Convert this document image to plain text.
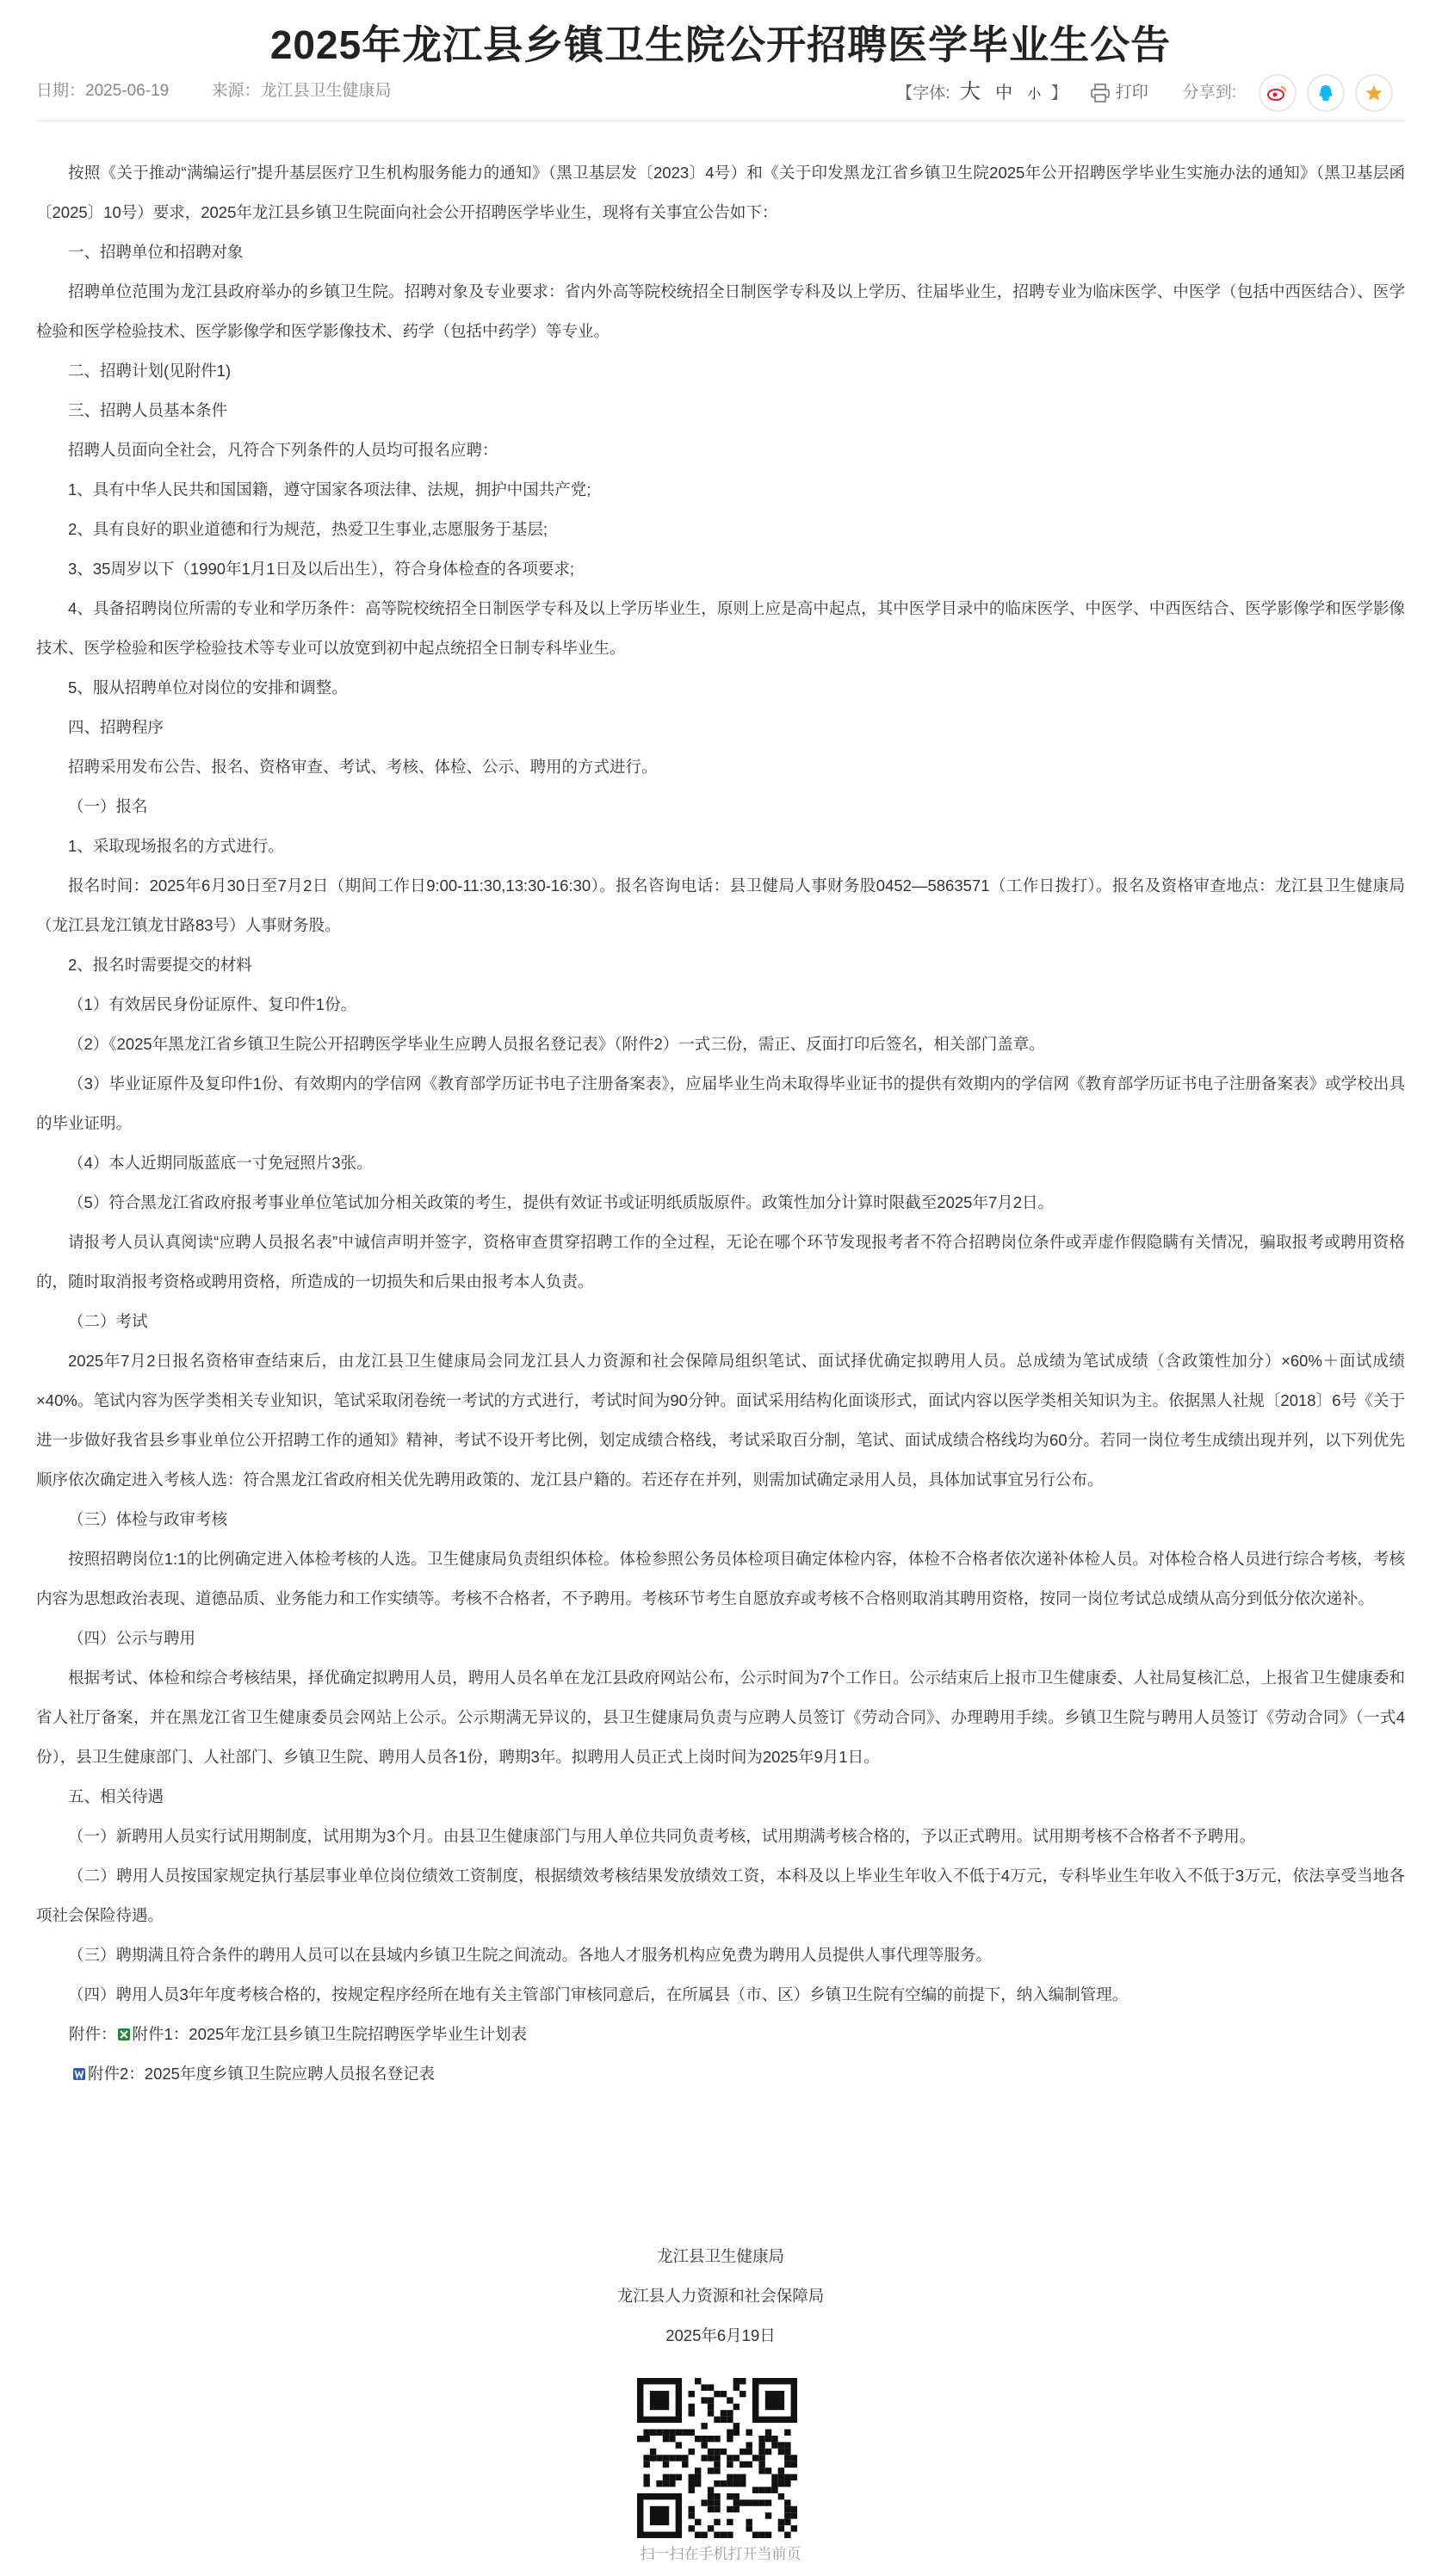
2025年龙江县乡镇卫生院公开招聘医学毕业生公告
日期：2025-06-19	来源：龙江县卫生健康局	【字体: 大 中 小 】	打印 分享到:

按照《关于推动“满编运行”提升基层医疗卫生机构服务能力的通知》（黑卫基层发〔2023〕4号）和《关于印发黑龙江省乡镇卫生院2025年公开招聘医学毕业生实施办法的通知》（黑卫基层函〔2025〕10号）要求，2025年龙江县乡镇卫生院面向社会公开招聘医学毕业生，现将有关事宜公告如下：

一、招聘单位和招聘对象

招聘单位范围为龙江县政府举办的乡镇卫生院。招聘对象及专业要求：省内外高等院校统招全日制医学专科及以上学历、往届毕业生，招聘专业为临床医学、中医学（包括中西医结合）、医学检验和医学检验技术、医学影像学和医学影像技术、药学（包括中药学）等专业。

二、招聘计划(见附件1)

三、招聘人员基本条件

招聘人员面向全社会，凡符合下列条件的人员均可报名应聘：

1、具有中华人民共和国国籍，遵守国家各项法律、法规，拥护中国共产党;

2、具有良好的职业道德和行为规范，热爱卫生事业,志愿服务于基层;

3、35周岁以下（1990年1月1日及以后出生），符合身体检查的各项要求;

4、具备招聘岗位所需的专业和学历条件：高等院校统招全日制医学专科及以上学历毕业生，原则上应是高中起点，其中医学目录中的临床医学、中医学、中西医结合、医学影像学和医学影像技术、医学检验和医学检验技术等专业可以放宽到初中起点统招全日制专科毕业生。

5、服从招聘单位对岗位的安排和调整。

四、招聘程序

招聘采用发布公告、报名、资格审查、考试、考核、体检、公示、聘用的方式进行。

（一）报名

1、采取现场报名的方式进行。

报名时间：2025年6月30日至7月2日（期间工作日9:00-11:30,13:30-16:30）。报名咨询电话：县卫健局人事财务股0452—5863571（工作日拨打）。报名及资格审查地点：龙江县卫生健康局（龙江县龙江镇龙甘路83号）人事财务股。

2、报名时需要提交的材料

（1）有效居民身份证原件、复印件1份。

（2）《2025年黑龙江省乡镇卫生院公开招聘医学毕业生应聘人员报名登记表》（附件2）一式三份，需正、反面打印后签名，相关部门盖章。

（3）毕业证原件及复印件1份、有效期内的学信网《教育部学历证书电子注册备案表》，应届毕业生尚未取得毕业证书的提供有效期内的学信网《教育部学历证书电子注册备案表》或学校出具的毕业证明。

（4）本人近期同版蓝底一寸免冠照片3张。

（5）符合黑龙江省政府报考事业单位笔试加分相关政策的考生，提供有效证书或证明纸质版原件。政策性加分计算时限截至2025年7月2日。

请报考人员认真阅读“应聘人员报名表”中诚信声明并签字，资格审查贯穿招聘工作的全过程，无论在哪个环节发现报考者不符合招聘岗位条件或弄虚作假隐瞒有关情况，骗取报考或聘用资格的，随时取消报考资格或聘用资格，所造成的一切损失和后果由报考本人负责。

（二）考试

2025年7月2日报名资格审查结束后，由龙江县卫生健康局会同龙江县人力资源和社会保障局组织笔试、面试择优确定拟聘用人员。总成绩为笔试成绩（含政策性加分）×60%＋面试成绩×40%。笔试内容为医学类相关专业知识，笔试采取闭卷统一考试的方式进行，考试时间为90分钟。面试采用结构化面谈形式，面试内容以医学类相关知识为主。依据黑人社规〔2018〕6号《关于进一步做好我省县乡事业单位公开招聘工作的通知》精神，考试不设开考比例，划定成绩合格线，考试采取百分制，笔试、面试成绩合格线均为60分。若同一岗位考生成绩出现并列，以下列优先顺序依次确定进入考核人选：符合黑龙江省政府相关优先聘用政策的、龙江县户籍的。若还存在并列，则需加试确定录用人员，具体加试事宜另行公布。

（三）体检与政审考核

按照招聘岗位1:1的比例确定进入体检考核的人选。卫生健康局负责组织体检。体检参照公务员体检项目确定体检内容，体检不合格者依次递补体检人员。对体检合格人员进行综合考核，考核内容为思想政治表现、道德品质、业务能力和工作实绩等。考核不合格者，不予聘用。考核环节考生自愿放弃或考核不合格则取消其聘用资格，按同一岗位考试总成绩从高分到低分依次递补。

（四）公示与聘用

根据考试、体检和综合考核结果，择优确定拟聘用人员，聘用人员名单在龙江县政府网站公布，公示时间为7个工作日。公示结束后上报市卫生健康委、人社局复核汇总，上报省卫生健康委和省人社厅备案，并在黑龙江省卫生健康委员会网站上公示。公示期满无异议的，县卫生健康局负责与应聘人员签订《劳动合同》、办理聘用手续。乡镇卫生院与聘用人员签订《劳动合同》（一式4份），县卫生健康部门、人社部门、乡镇卫生院、聘用人员各1份，聘期3年。拟聘用人员正式上岗时间为2025年9月1日。

五、相关待遇

（一）新聘用人员实行试用期制度，试用期为3个月。由县卫生健康部门与用人单位共同负责考核，试用期满考核合格的，予以正式聘用。试用期考核不合格者不予聘用。

（二）聘用人员按国家规定执行基层事业单位岗位绩效工资制度，根据绩效考核结果发放绩效工资，本科及以上毕业生年收入不低于4万元，专科毕业生年收入不低于3万元，依法享受当地各项社会保险待遇。

（三）聘期满且符合条件的聘用人员可以在县域内乡镇卫生院之间流动。各地人才服务机构应免费为聘用人员提供人事代理等服务。

（四）聘用人员3年年度考核合格的，按规定程序经所在地有关主管部门审核同意后，在所属县（市、区）乡镇卫生院有空编的前提下，纳入编制管理。

附件： 附件1：2025年龙江县乡镇卫生院招聘医学毕业生计划表
附件2：2025年度乡镇卫生院应聘人员报名登记表
龙江县卫生健康局
龙江县人力资源和社会保障局
2025年6月19日
扫一扫在手机打开当前页
